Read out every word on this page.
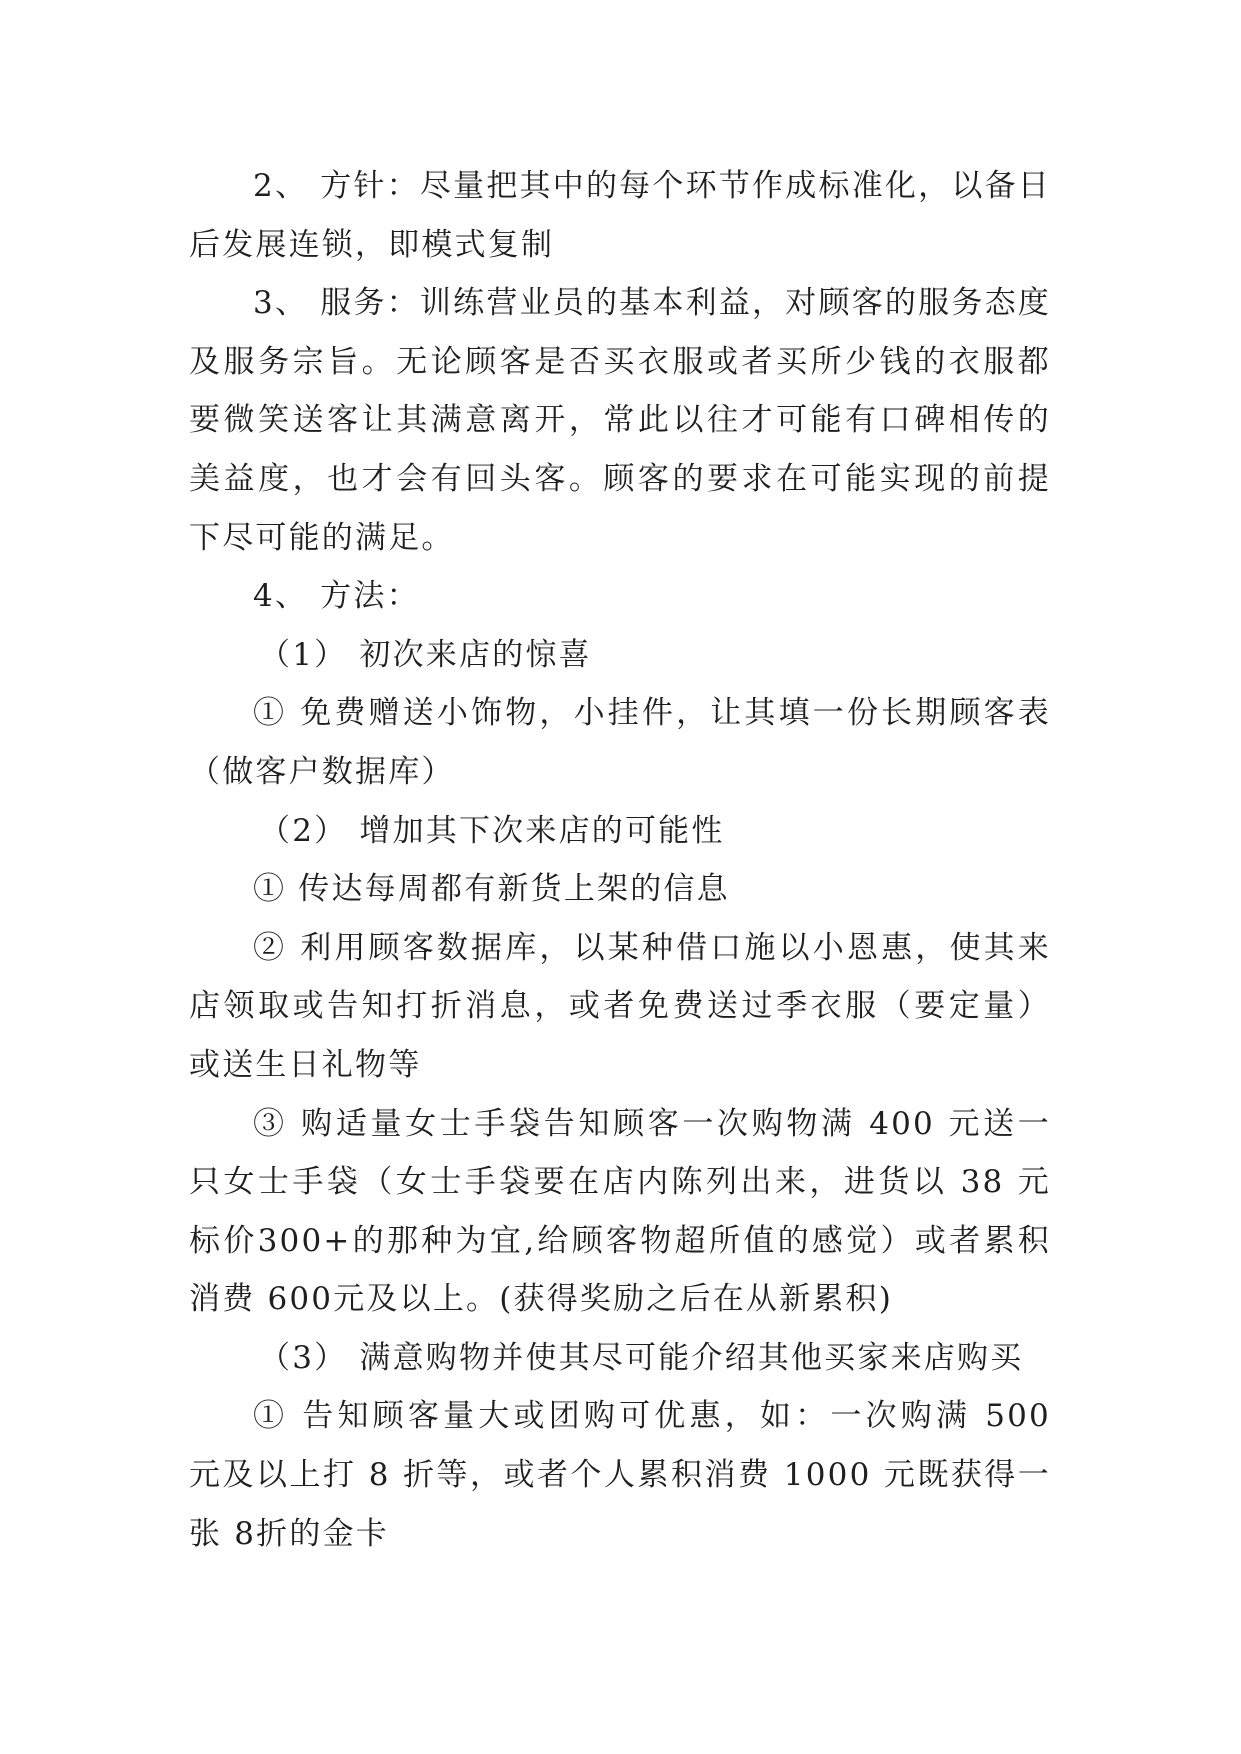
2、 方针：尽量把其中的每个环节作成标准化，以备日后发展连锁，即模式复制

3、 服务：训练营业员的基本利益，对顾客的服务态度及服务宗旨。无论顾客是否买衣服或者买所少钱的衣服都要微笑送客让其满意离开，常此以往才可能有口碑相传的美益度，也才会有回头客。顾客的要求在可能实现的前提下尽可能的满足。

4、 方法：

（1） 初次来店的惊喜

① 免费赠送小饰物，小挂件，让其填一份长期顾客表（做客户数据库）

（2） 增加其下次来店的可能性

① 传达每周都有新货上架的信息

② 利用顾客数据库，以某种借口施以小恩惠，使其来店领取或告知打折消息，或者免费送过季衣服（要定量）或送生日礼物等

③ 购适量女士手袋告知顾客一次购物满 400 元送一只女士手袋（女士手袋要在店内陈列出来，进货以 38 元标价300+的那种为宜,给顾客物超所值的感觉）或者累积消费 600元及以上。(获得奖励之后在从新累积)

（3） 满意购物并使其尽可能介绍其他买家来店购买

① 告知顾客量大或团购可优惠，如：一次购满 500 元及以上打 8 折等，或者个人累积消费 1000 元既获得一张 8折的金卡
